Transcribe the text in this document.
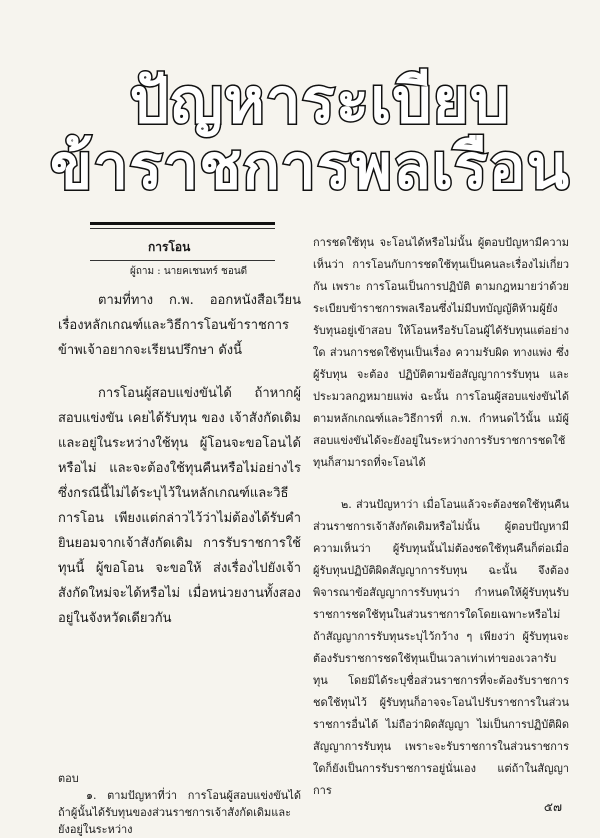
ปัญหาระเบียบ
ข้าราชการพลเรือน
การโอน
ผู้ถาม : นายคเชนทร์ ชอนดี

ตามที่ทาง ก.พ. ออกหนังสือเวียนเรื่องหลักเกณฑ์และวิธีการโอนข้าราชการ ข้าพเจ้าอยากจะเรียนปรึกษา ดังนี้

การโอนผู้สอบแข่งขันได้ ถ้าหากผู้สอบแข่งขัน เคยได้รับทุน ของ เจ้าสังกัดเดิม และอยู่ในระหว่างใช้ทุน ผู้โอนจะขอโอนได้หรือไม่ และจะต้องใช้ทุนคืนหรือไม่อย่างไร ซึ่งกรณีนี้ไม่ได้ระบุไว้ในหลักเกณฑ์และวิธีการโอน เพียงแต่กล่าวไว้ว่าไม่ต้องได้รับคำยินยอมจากเจ้าสังกัดเดิม การรับราชการใช้ทุนนี้ ผู้ขอโอน จะขอให้ ส่งเรื่องไปยังเจ้าสังกัดใหม่จะได้หรือไม่ เมื่อหน่วยงานทั้งสองอยู่ในจังหวัดเดียวกัน

ตอบ

๑. ตามปัญหาที่ว่า การโอนผู้สอบแข่งขันได้ ถ้าผู้นั้นได้รับทุนของส่วนราชการเจ้าสังกัดเดิมและยังอยู่ในระหว่าง

การชดใช้ทุน จะโอนได้หรือไม่นั้น ผู้ตอบปัญหามีความเห็นว่า การโอนกับการชดใช้ทุนเป็นคนละเรื่องไม่เกี่ยวกัน เพราะ การโอนเป็นการปฏิบัติ ตามกฎหมายว่าด้วยระเบียบข้าราชการพลเรือนซึ่งไม่มีบทบัญญัติห้ามผู้ยังรับทุนอยู่เข้าสอบ ให้โอนหรือรับโอนผู้ได้รับทุนแต่อย่างใด ส่วนการชดใช้ทุนเป็นเรื่อง ความรับผิด ทางแพ่ง ซึ่งผู้รับทุน จะต้อง ปฏิบัติตามข้อสัญญาการรับทุน และประมวลกฎหมายแพ่ง ฉะนั้น การโอนผู้สอบแข่งขันได้ตามหลักเกณฑ์และวิธีการที่ ก.พ. กำหนดไว้นั้น แม้ผู้สอบแข่งขันได้จะยังอยู่ในระหว่างการรับราชการชดใช้ทุนก็สามารถที่จะโอนได้

๒. ส่วนปัญหาว่า เมื่อโอนแล้วจะต้องชดใช้ทุนคืนส่วนราชการเจ้าสังกัดเดิมหรือไม่นั้น ผู้ตอบปัญหามีความเห็นว่า ผู้รับทุนนั้นไม่ต้องชดใช้ทุนคืนก็ต่อเมื่อผู้รับทุนปฏิบัติผิดสัญญาการรับทุน ฉะนั้น จึงต้องพิจารณาข้อสัญญาการรับทุนว่า กำหนดให้ผู้รับทุนรับราชการชดใช้ทุนในส่วนราชการใดโดยเฉพาะหรือไม่ ถ้าสัญญาการรับทุนระบุไว้กว้าง ๆ เพียงว่า ผู้รับทุนจะต้องรับราชการชดใช้ทุนเป็นเวลาเท่าเท่าของเวลารับทุน โดยมิได้ระบุชื่อส่วนราชการที่จะต้องรับราชการชดใช้ทุนไว้ ผู้รับทุนก็อาจจะโอนไปรับราชการในส่วนราชการอื่นได้ ไม่ถือว่าผิดสัญญา ไม่เป็นการปฏิบัติผิดสัญญาการรับทุน เพราะจะรับราชการในส่วนราชการใดก็ยังเป็นการรับราชการอยู่นั่นเอง แต่ถ้าในสัญญาการ

๕๗
